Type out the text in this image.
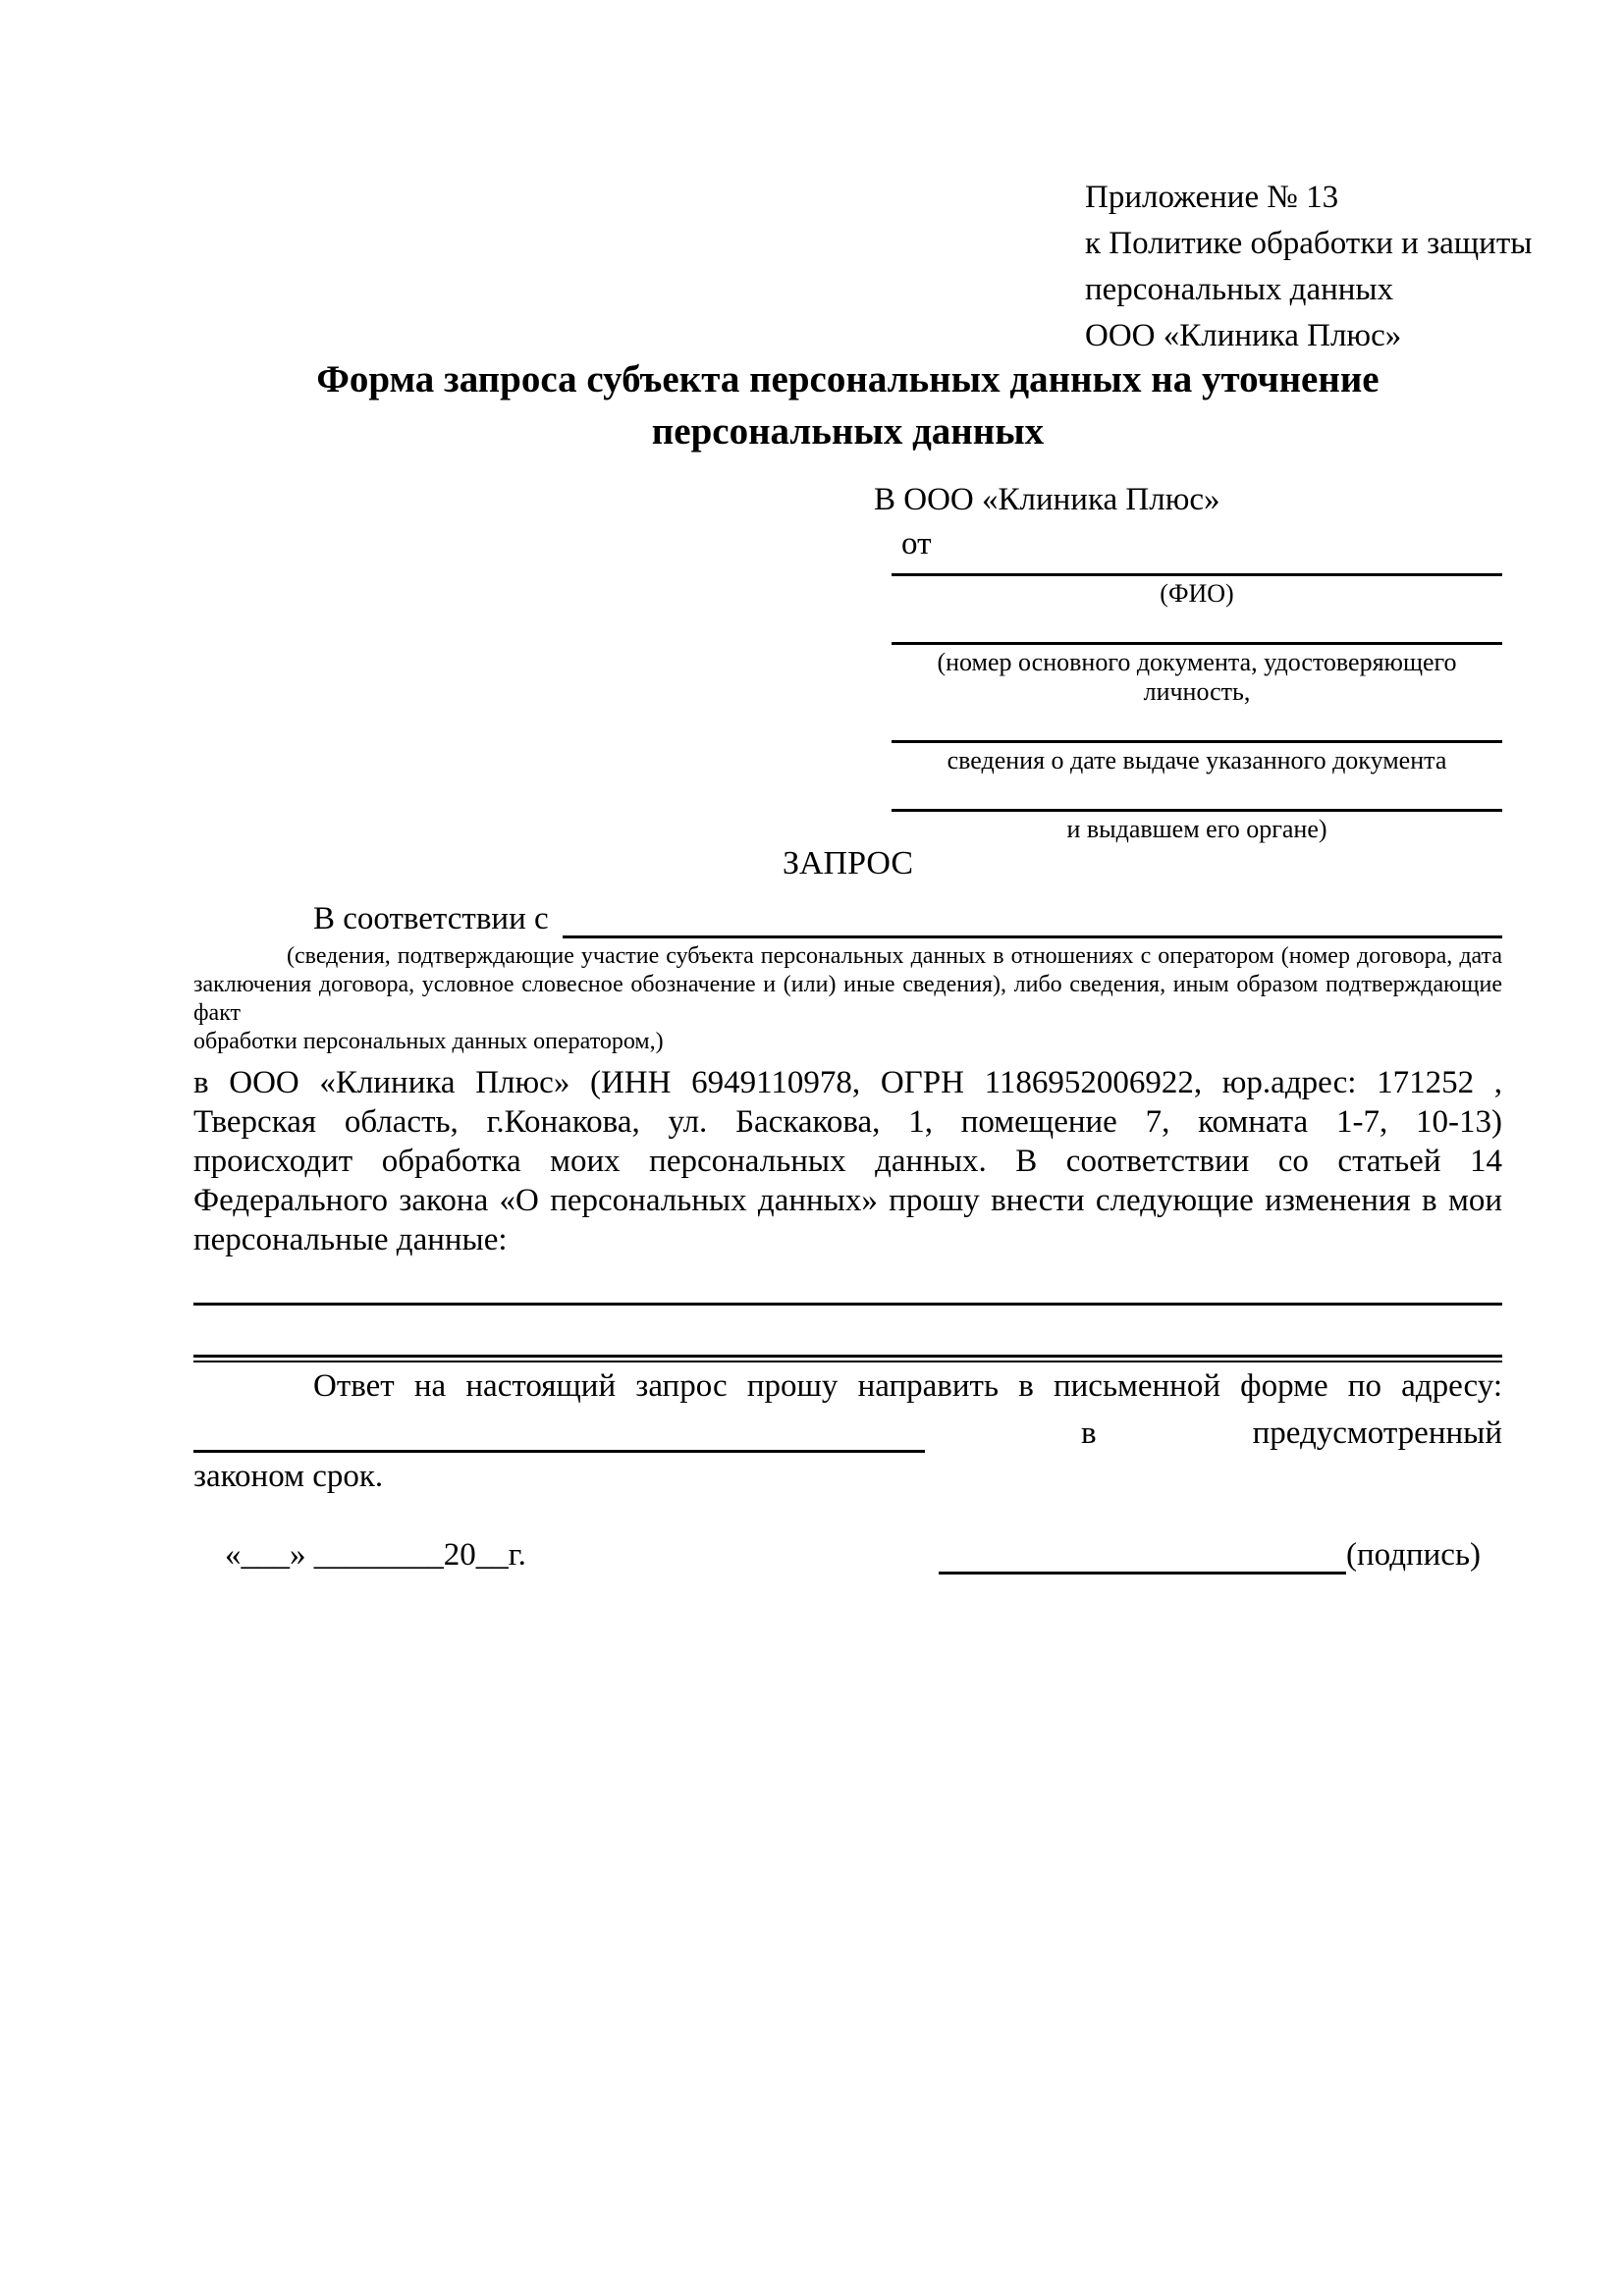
Приложение № 13
к Политике обработки и защиты
персональных данных
ООО «Клиника Плюс»
Форма запроса субъекта персональных данных на уточнение
персональных данных
В ООО «Клиника Плюс»
от
(ФИО)
(номер основного документа, удостоверяющего личность,
сведения о дате выдаче указанного документа
и выдавшем его органе)
ЗАПРОС
В соответствии с
(сведения, подтверждающие участие субъекта персональных данных в отношениях с оператором (номер договора, дата
заключения договора, условное словесное обозначение и (или) иные сведения), либо сведения, иным образом подтверждающие факт
обработки персональных данных оператором,)
в ООО «Клиника Плюс» (ИНН 6949110978, ОГРН 1186952006922, юр.адрес: 171252 ,
Тверская область, г.Конакова, ул. Баскакова, 1, помещение 7, комната 1-7, 10-13)
происходит обработка моих персональных данных. В соответствии со статьей 14
Федерального закона «О персональных данных» прошу внести следующие изменения в мои
персональные данные:
Ответ на настоящий запрос прошу направить в письменной форме по адресу:
в	предусмотренный
законом срок.
«___» ________20__г.	(подпись)
